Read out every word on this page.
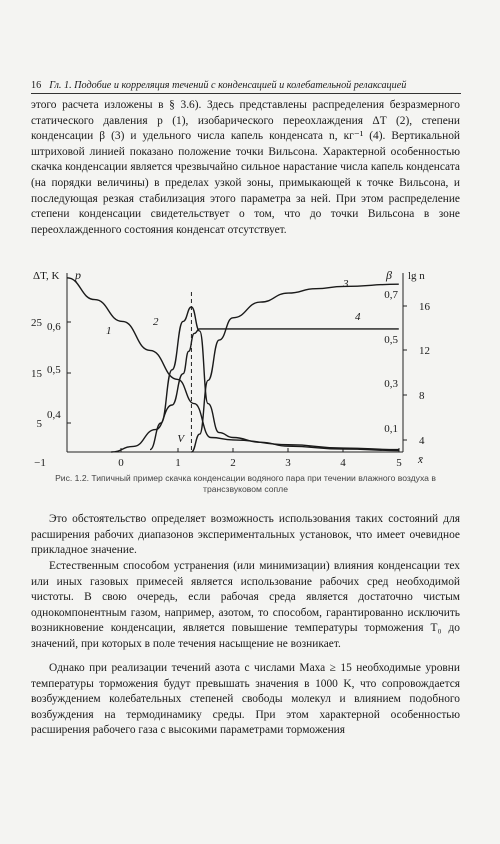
16 Гл. 1. Подобие и корреляция течений с конденсацией и колебательной релаксацией

этого расчета изложены в § 3.6). Здесь представлены распределения безразмерного статического давления p (1), изобарического переохлаждения ΔT (2), степени конденсации β (3) и удельного числа капель конденсата n, кг⁻¹ (4). Вертикальной штриховой линией показано положение точки Вильсона. Характерной особенностью скачка конденсации является чрезвычайно сильное нарастание числа капель конденсата (на порядки величины) в пределах узкой зоны, примыкающей к точке Вильсона, и последующая резкая стабилизация этого параметра за ней. При этом распределение степени конденсации свидетельствует о том, что до точки Вильсона в зоне переохлажденного состояния конденсат отсутствует.

−1	0	1	2	3	4	5
25
15
5
0,6
0,5
0,4
0,7
0,5
0,3
0,1
16
12
8
4
ΔT, K p	β lg n
x̄
1
2
3
4
V
Рис. 1.2. Типичный пример скачка конденсации водяного пара при течении влажного воздуха в трансзвуковом сопле

Это обстоятельство определяет возможность использования таких состояний для расширения рабочих диапазонов экспериментальных установок, что имеет очевидное прикладное значение.

Естественным способом устранения (или минимизации) влияния конденсации тех или иных газовых примесей является использование рабочих сред необходимой чистоты. В свою очередь, если рабочая среда является достаточно чистым однокомпонентным газом, например, азотом, то способом, гарантированно исключить возникновение конденсации, является повышение температуры торможения T₀ до значений, при которых в поле течения насыщение не возникает.

Однако при реализации течений азота с числами Маха ≥ 15 необходимые уровни температуры торможения будут превышать значения в 1000 K, что сопровождается возбуждением колебательных степеней свободы молекул и влиянием подобного возбуждения на термодинамику среды. При этом характерной особенностью расширения рабочего газа с высокими параметрами торможения
